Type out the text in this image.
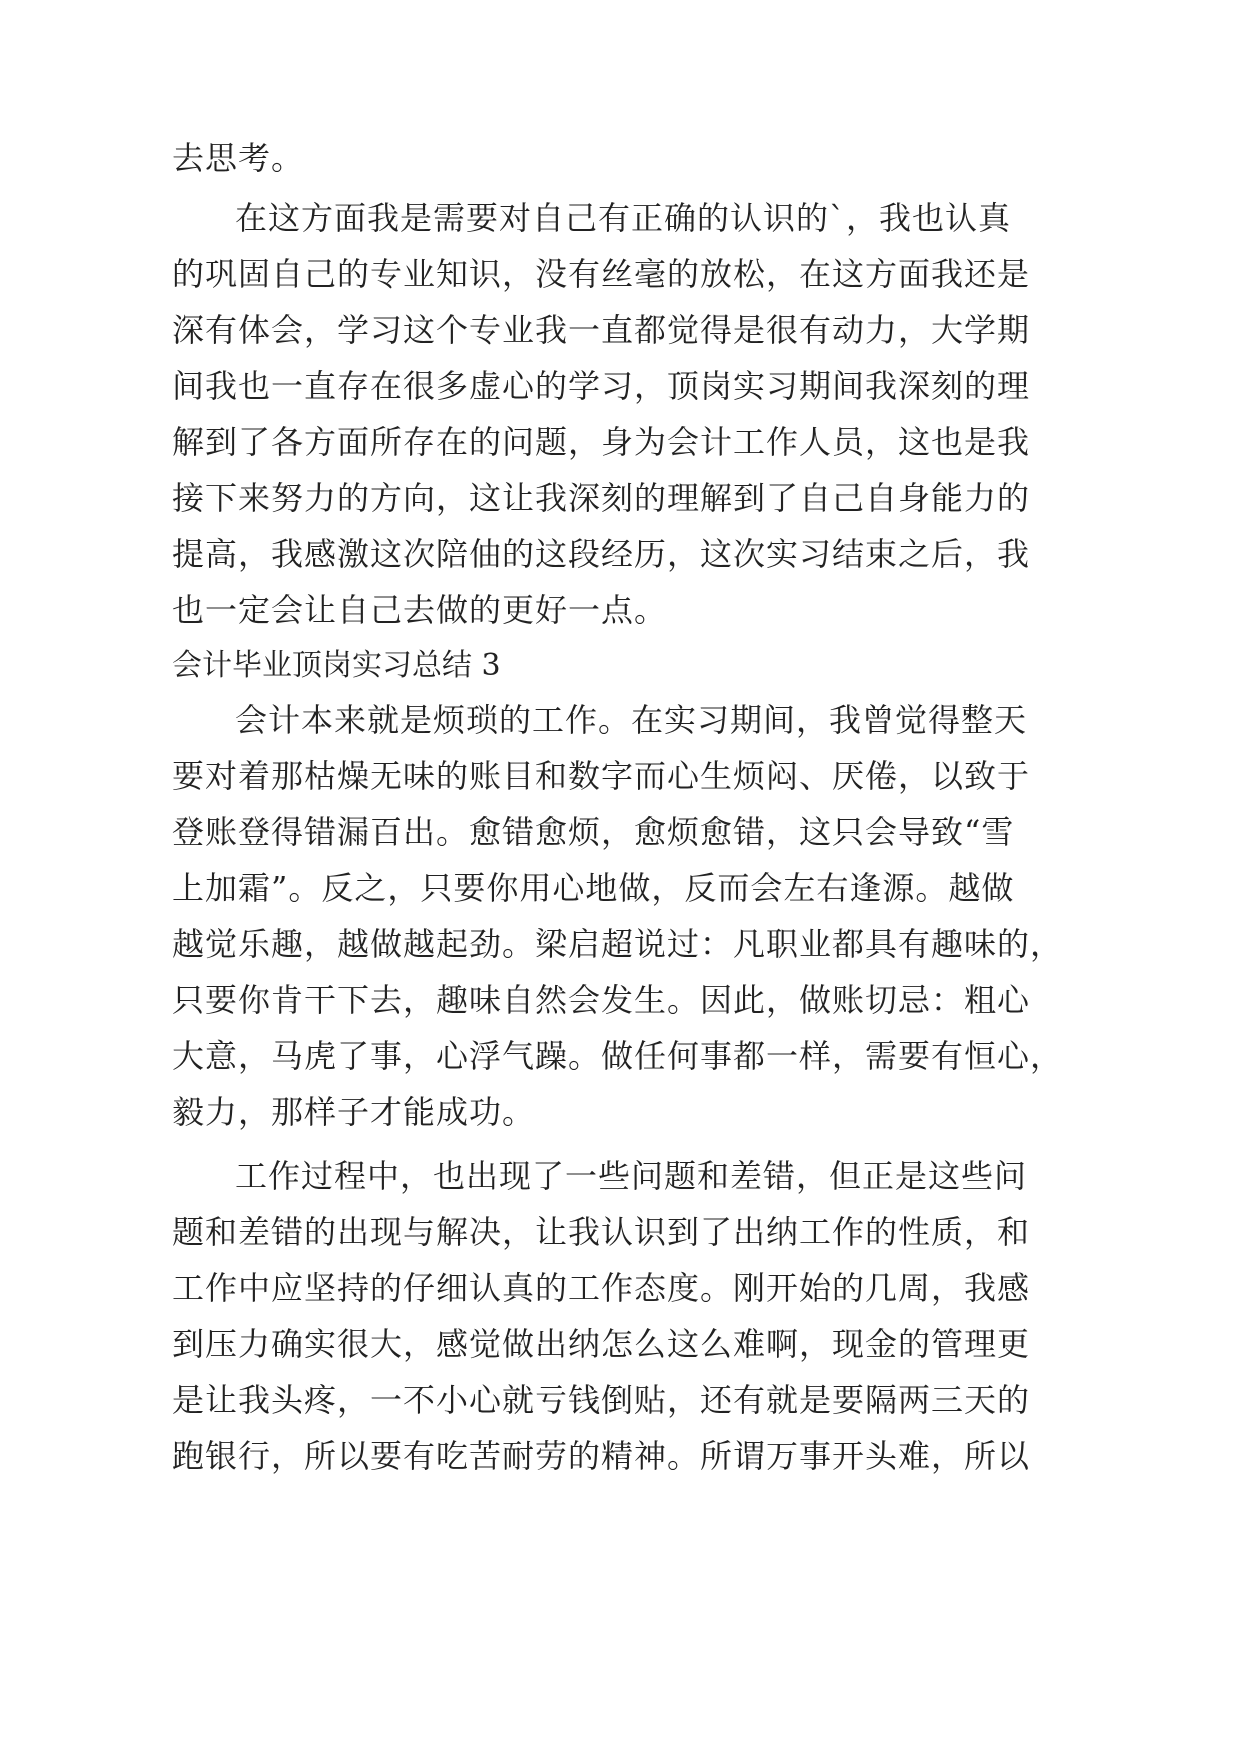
去思考。

在这方面我是需要对自己有正确的认识的`，我也认真

的巩固自己的专业知识，没有丝毫的放松，在这方面我还是

深有体会，学习这个专业我一直都觉得是很有动力，大学期

间我也一直存在很多虚心的学习，顶岗实习期间我深刻的理

解到了各方面所存在的问题，身为会计工作人员，这也是我

接下来努力的方向，这让我深刻的理解到了自己自身能力的

提高，我感激这次陪伷的这段经历，这次实习结束之后，我

也一定会让自己去做的更好一点。

会计毕业顶岗实习总结 3

会计本来就是烦琐的工作。在实习期间，我曾觉得整天

要对着那枯燥无味的账目和数字而心生烦闷、厌倦，以致于

登账登得错漏百出。愈错愈烦，愈烦愈错，这只会导致“雪

上加霜”。反之，只要你用心地做，反而会左右逢源。越做

越觉乐趣，越做越起劲。梁启超说过：凡职业都具有趣味的，

只要你肯干下去，趣味自然会发生。因此，做账切忌：粗心

大意，马虎了事，心浮气躁。做任何事都一样，需要有恒心，

毅力，那样子才能成功。

工作过程中，也出现了一些问题和差错，但正是这些问

题和差错的出现与解决，让我认识到了出纳工作的性质，和

工作中应坚持的仔细认真的工作态度。刚开始的几周，我感

到压力确实很大，感觉做出纳怎么这么难啊，现金的管理更

是让我头疼，一不小心就亏钱倒贴，还有就是要隔两三天的

跑银行，所以要有吃苦耐劳的精神。所谓万事开头难，所以
